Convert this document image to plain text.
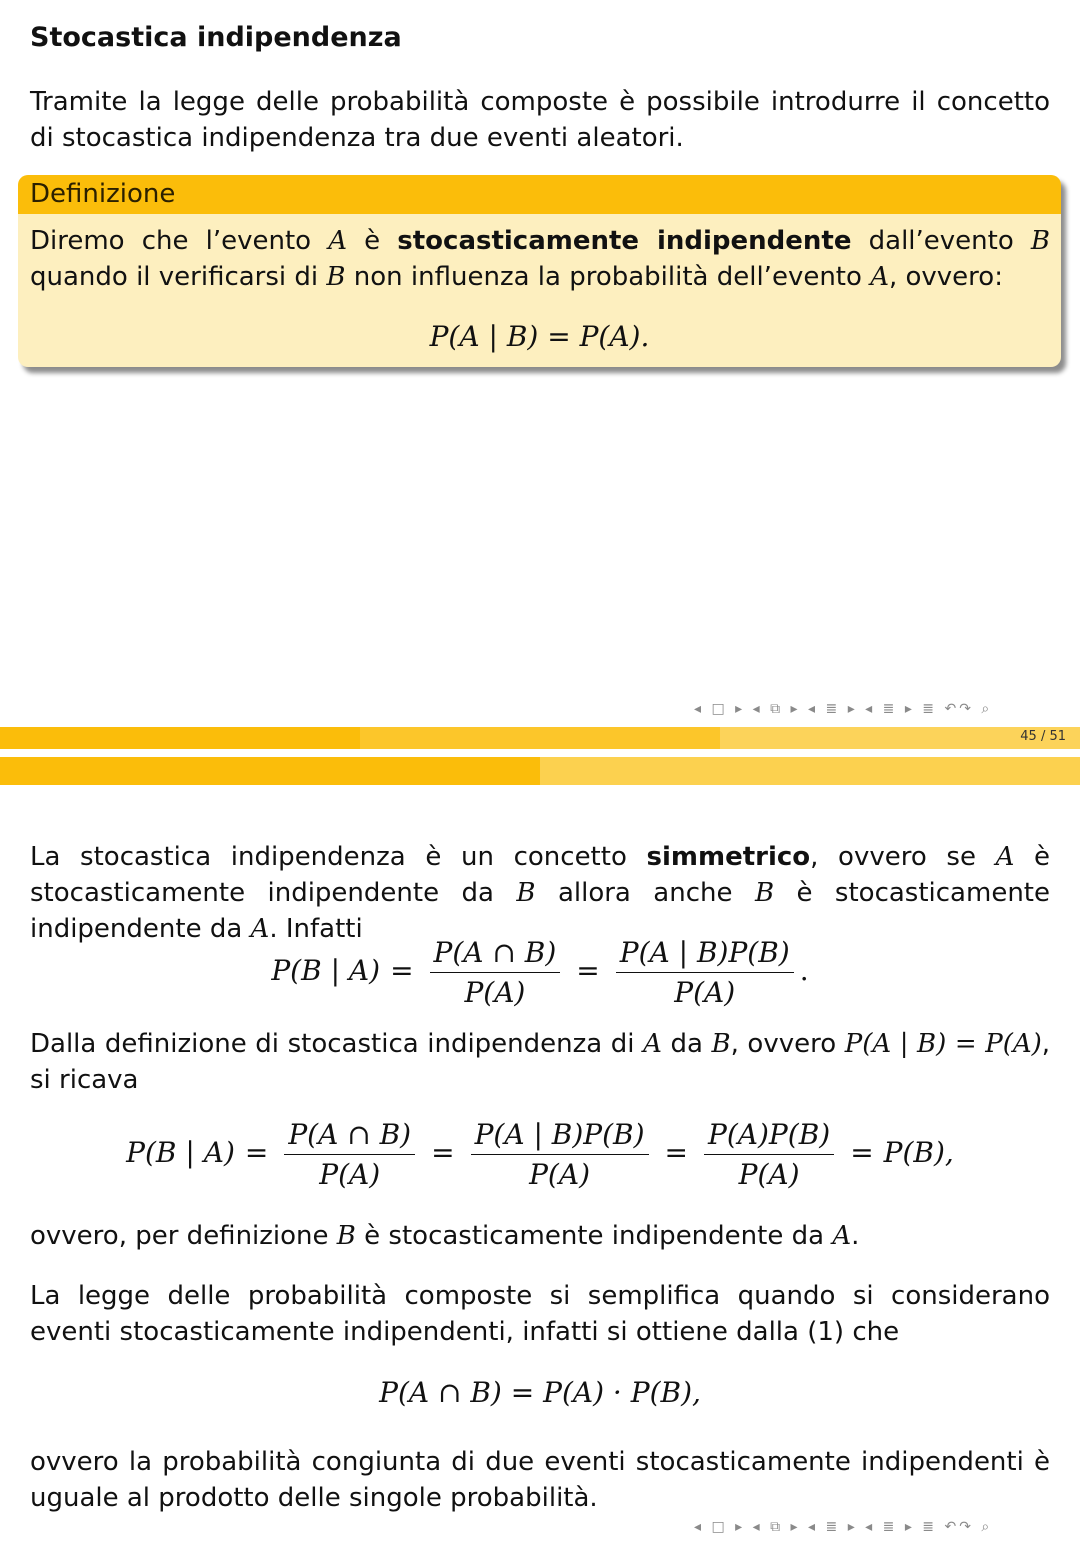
Stocastica indipendenza
Tramite la legge delle probabilità composte è possibile introdurre il concetto di stocastica indipendenza tra due eventi aleatori.
Definizione
Diremo che l’evento A è stocasticamente indipendente dall’evento B quando il verificarsi di B non influenza la probabilità dell’evento A, ovvero:
P(A | B) = P(A).
◂ □ ▸ ◂ ⧉ ▸ ◂ ≣ ▸ ◂ ≣ ▸ ≣ ↶↷ ⌕
45 / 51
La stocastica indipendenza è un concetto simmetrico, ovvero se A è stocasticamente indipendente da B allora anche B è stocasticamente indipendente da A. Infatti
P(B | $A) = \frac{P(A \cap B)}{P(A)} = \frac{P(A | B)P(B)}{P(A)}$ .
Dalla definizione di stocastica indipendenza di A da B, ovvero P(A | B) = P(A), si ricava
P(B | $A) = \frac{P(A \cap B)}{P(A)} = \frac{P(A | B)P(B)}{P(A)} = \frac{P(A)P(B)}{P(A)} = P(B)$,
ovvero, per definizione B è stocasticamente indipendente da A.
La legge delle probabilità composte si semplifica quando si considerano eventi stocasticamente indipendenti, infatti si ottiene dalla (1) che
P(A ∩ B) = P(A) · P(B),
ovvero la probabilità congiunta di due eventi stocasticamente indipendenti è uguale al prodotto delle singole probabilità.
◂ □ ▸ ◂ ⧉ ▸ ◂ ≣ ▸ ◂ ≣ ▸ ≣ ↶↷ ⌕
